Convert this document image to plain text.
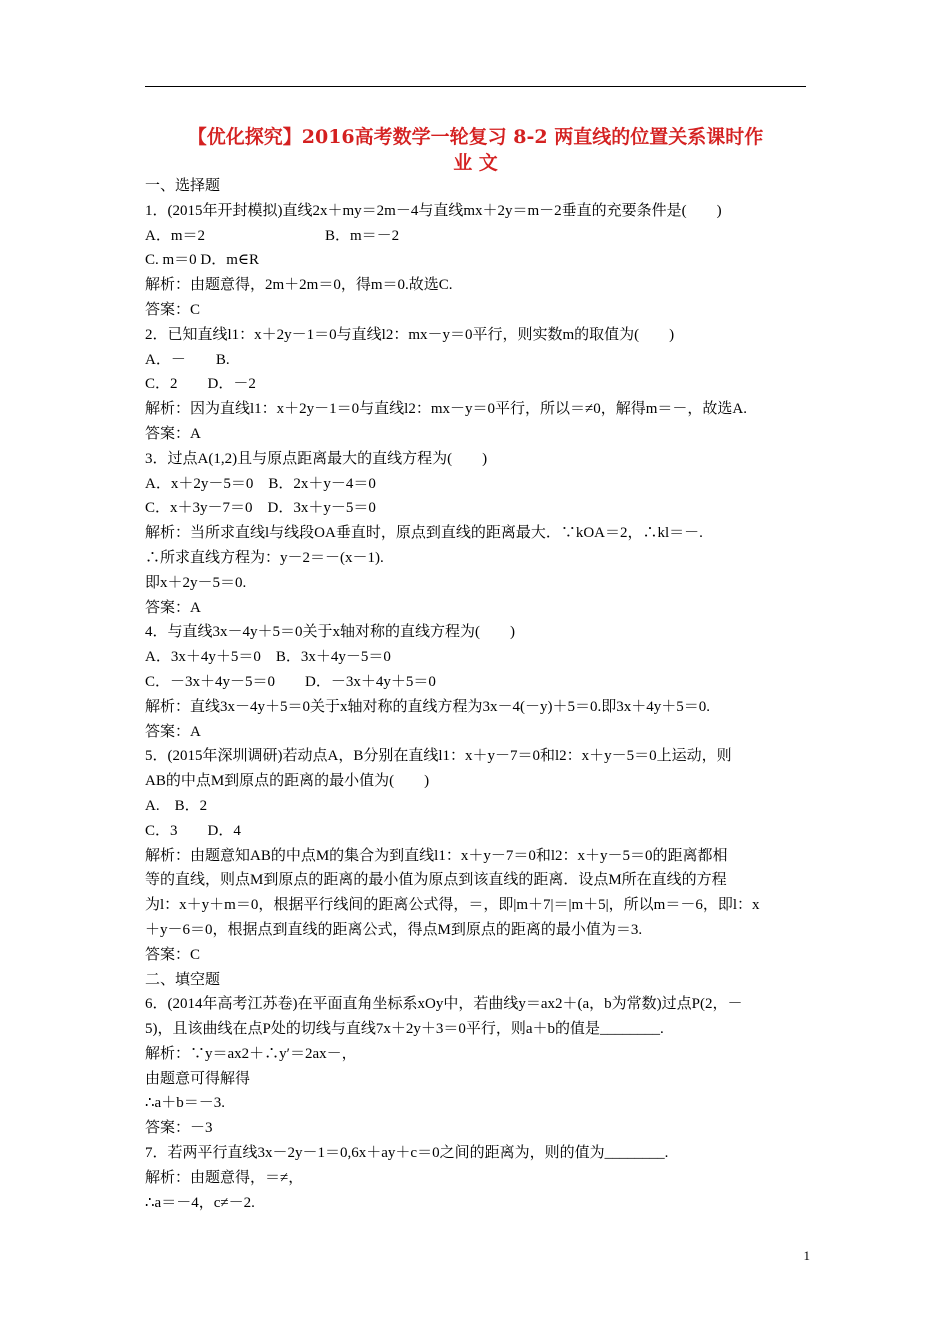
【优化探究】2016高考数学一轮复习 8-2 两直线的位置关系课时作
业 文
一、选择题
1．(2015年开封模拟)直线2x＋my＝2m－4与直线mx＋2y＝m－2垂直的充要条件是(　　)
A．m＝2　　　　　　　　B．m＝－2
C. m＝0 D．m∈R
解析：由题意得，2m＋2m＝0，得m＝0.故选C.
答案：C
2．已知直线l1：x＋2y－1＝0与直线l2：mx－y＝0平行，则实数m的取值为(　　)
A．－　　B.
C．2　　D．－2
解析：因为直线l1：x＋2y－1＝0与直线l2：mx－y＝0平行，所以＝≠0，解得m＝－，故选A.
答案：A
3．过点A(1,2)且与原点距离最大的直线方程为(　　)
A．x＋2y－5＝0　B．2x＋y－4＝0
C．x＋3y－7＝0　D．3x＋y－5＝0
解析：当所求直线l与线段OA垂直时，原点到直线的距离最大．∵kOA＝2，∴kl＝－.
∴所求直线方程为：y－2＝－(x－1).
即x＋2y－5＝0.
答案：A
4．与直线3x－4y＋5＝0关于x轴对称的直线方程为(　　)
A．3x＋4y＋5＝0　B．3x＋4y－5＝0
C．－3x＋4y－5＝0　　D．－3x＋4y＋5＝0
解析：直线3x－4y＋5＝0关于x轴对称的直线方程为3x－4(－y)＋5＝0.即3x＋4y＋5＝0.
答案：A
5．(2015年深圳调研)若动点A，B分别在直线l1：x＋y－7＝0和l2：x＋y－5＝0上运动，则
AB的中点M到原点的距离的最小值为(　　)
A.　B．2
C．3　　D．4
解析：由题意知AB的中点M的集合为到直线l1：x＋y－7＝0和l2：x＋y－5＝0的距离都相
等的直线，则点M到原点的距离的最小值为原点到该直线的距离．设点M所在直线的方程
为l：x＋y＋m＝0，根据平行线间的距离公式得，＝，即|m＋7|＝|m＋5|，所以m＝－6，即l：x
＋y－6＝0，根据点到直线的距离公式，得点M到原点的距离的最小值为＝3.
答案：C
二、填空题
6．(2014年高考江苏卷)在平面直角坐标系xOy中，若曲线y＝ax2＋(a，b为常数)过点P(2，－
5)，且该曲线在点P处的切线与直线7x＋2y＋3＝0平行，则a＋b的值是________.
解析：∵y＝ax2＋∴y′＝2ax－，
由题意可得解得
∴a＋b＝－3.
答案：－3
7．若两平行直线3x－2y－1＝0,6x＋ay＋c＝0之间的距离为，则的值为________.
解析：由题意得，＝≠，
∴a＝－4，c≠－2.
1
